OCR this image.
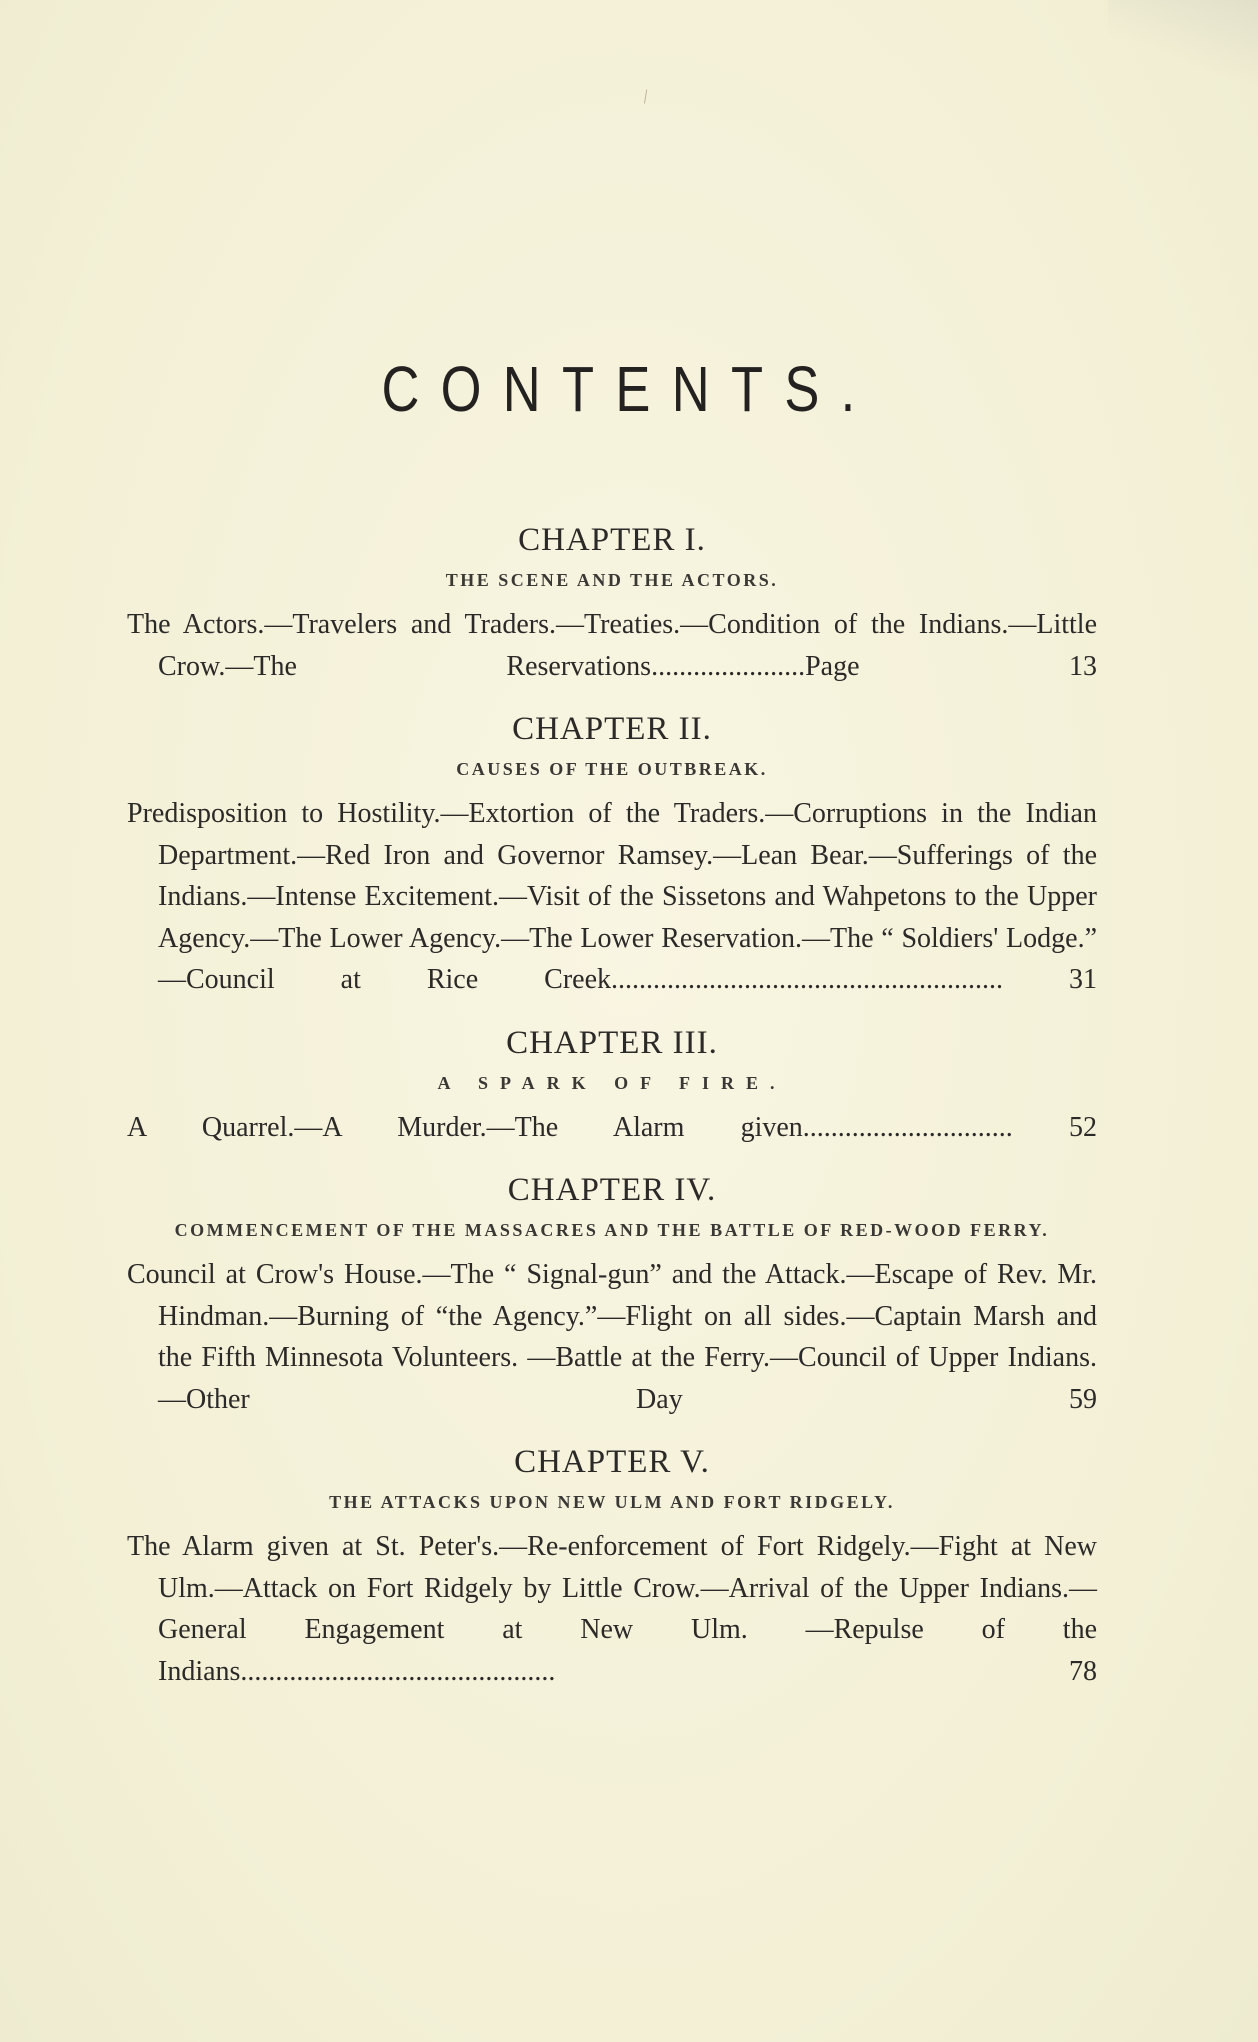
/
CONTENTS.

CHAPTER I.

THE SCENE AND THE ACTORS.

The Actors.—Travelers and Traders.—Treaties.—Condition of the Indians.—Little Crow.—The Reservations......................Page 13

CHAPTER II.

CAUSES OF THE OUTBREAK.

Predisposition to Hostility.—Extortion of the Traders.—Corruptions in the Indian Department.—Red Iron and Governor Ramsey.—Lean Bear.—Sufferings of the Indians.—Intense Excitement.—Visit of the Sissetons and Wahpetons to the Upper Agency.—The Lower Agency.—The Lower Reservation.—The “ Soldiers' Lodge.” —Council at Rice Creek........................................................ 31

CHAPTER III.

A SPARK OF FIRE.

A Quarrel.—A Murder.—The Alarm given.............................. 52

CHAPTER IV.

COMMENCEMENT OF THE MASSACRES AND THE BATTLE OF RED-WOOD FERRY.

Council at Crow's House.—The “ Signal-gun” and the Attack.—Escape of Rev. Mr. Hindman.—Burning of “the Agency.”—Flight on all sides.—Captain Marsh and the Fifth Minnesota Volunteers. —Battle at the Ferry.—Council of Upper Indians.—Other Day 59

CHAPTER V.

THE ATTACKS UPON NEW ULM AND FORT RIDGELY.

The Alarm given at St. Peter's.—Re-enforcement of Fort Ridgely.—Fight at New Ulm.—Attack on Fort Ridgely by Little Crow.—Arrival of the Upper Indians.—General Engagement at New Ulm. —Repulse of the Indians............................................. 78
